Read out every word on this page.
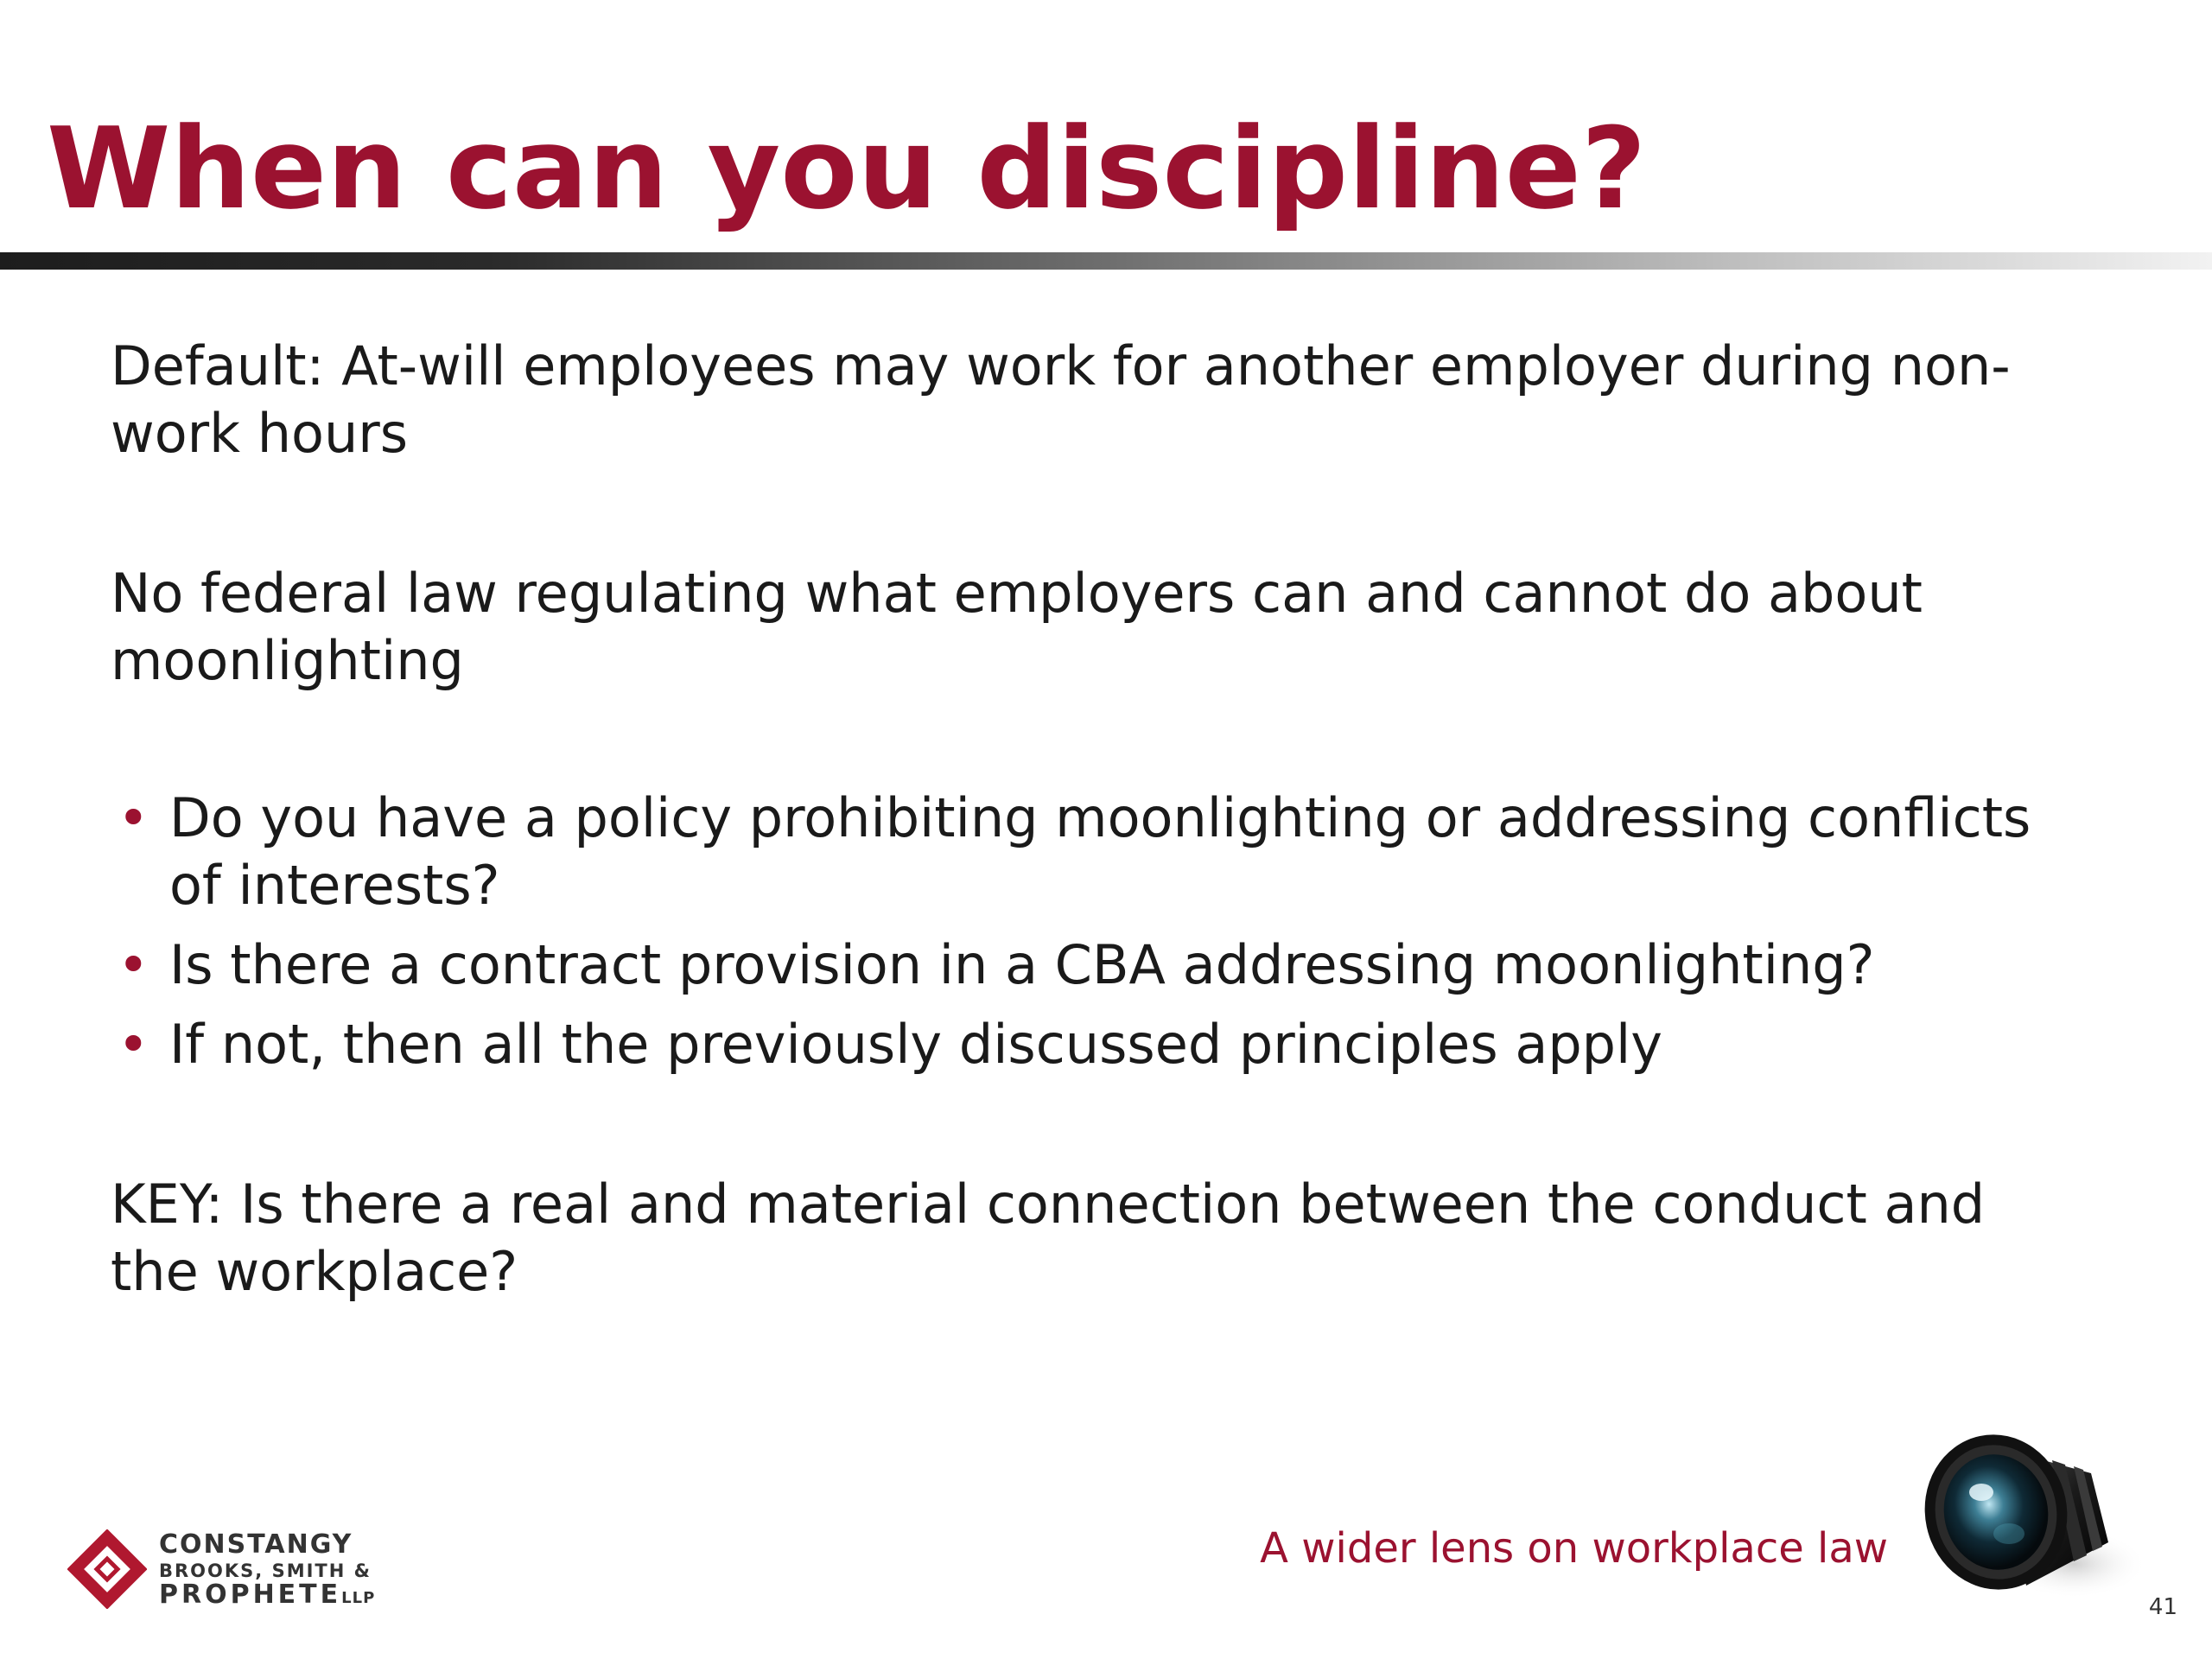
When can you discipline?

Default: At-will employees may work for another employer during non-work hours

No federal law regulating what employers can and cannot do about moonlighting

• Do you have a policy prohibiting moonlighting or addressing conflicts of interests?
• Is there a contract provision in a CBA addressing moonlighting?
• If not, then all the previously discussed principles apply

KEY: Is there a real and material connection between the conduct and the workplace?

CONSTANGY
BROOKS, SMITH &
PROPHETELLP

A wider lens on workplace law

41
